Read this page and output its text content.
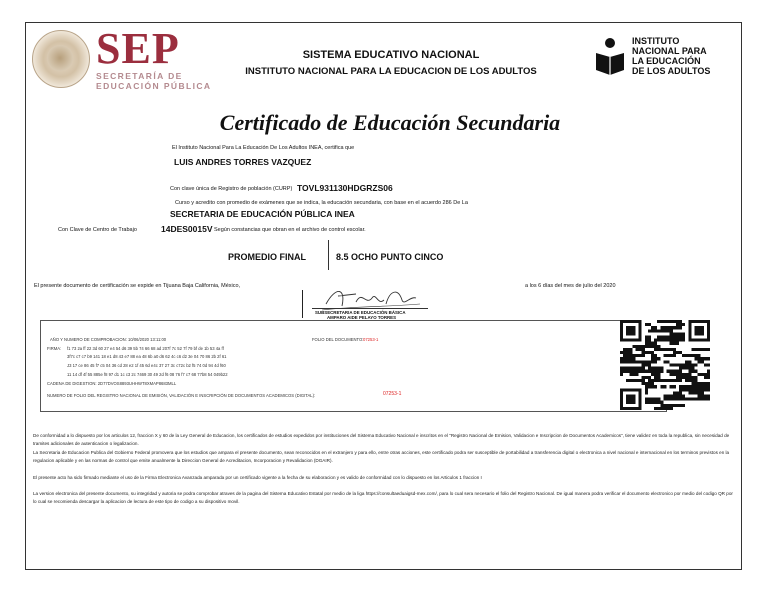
SEP
SECRETARÍA DE
EDUCACIÓN PÚBLICA
SISTEMA EDUCATIVO NACIONAL
INSTITUTO NACIONAL PARA LA EDUCACION DE LOS ADULTOS
INSTITUTO
NACIONAL PARA
LA EDUCACIÓN
DE LOS ADULTOS
Certificado de Educación Secundaria
El Instituto Nacional Para La Educación De Los Adultos INEA, certifica que
LUIS ANDRES TORRES VAZQUEZ
Con clave única de Registro de población (CURP) TOVL931130HDGRZS06
Curso y acredito con promedio de exámenes que se indica, la educación secundaria, con base en el acuerdo 286 De La
SECRETARIA DE EDUCACIÓN PÚBLICA INEA
Con Clave de Centro de Trabajo	14DES0015V Según constancias que obran en el archivo de control escolar.
PROMEDIO FINAL	8.5 OCHO PUNTO CINCO
El presente documento de certificación se expide en Tijuana Baja California, México,	a los 6 días del mes de julio del 2020
SUBSECRETARIA DE EDUCACIÓN BÁSICA
AMPARO AIDE PELAYO TORRES
AÑO Y NUMERO DE COMPROBACION: 10/06/2020 13:11:00	FOLIO DEL DOCUMENTO: 07253-1
FIRMA: f1 73 2a ff 22 3d 60 27 e4 54 d6 39 5b 74 66 68 ad 207f 7c 52 7f 79 bf de 1b 53 4a ff
3f7c c7 c7 b9 141 18 e1 d8 43 e7 88 ea 48 6b a0 d6 62 4c c6 d2 3e 04 70 86 2b 2f 61
J3 17 ce 86 45 f7 c5 04 36 cd 28 e2 1f 45 6d e4c 37 27 3c c72c b2 f5 74 0d 94 4d f60
11 14 df 4f 55 885e f8 97 d1 1c c3 2c 7469 30 49 2d f6 08 76 f7 c7 68 77b8 54 049b22
CADENA DE DIGESTION: 2D77DVOS8893UHHWT8XMAP8683MLL
NUMERO DE FOLIO DEL REGISTRO NACIONAL DE EMISIÓN, VALIDACIÓN E INSCRIPCIÓN DE DOCUMENTOS ACADEMICOS (DIGITAL):	07253-1
De conformidad a lo dispuesto por los articulos 12, fraccion X y 60 de la Ley General de Educacion, los certificados de estudios expedidos por instituciones del Sistema Educativo Nacional e inscritos en el "Registro Nacional de Emision, Validacion e Inscripcion de Documentos Academicos", tiene validez en toda la republica, sin necesidad de tramites adicionales de autenticacion o legalizacion.
La Secretaria de Educacion Publica del Gobierno Federal promovera que los estudios que ampara el presente documento, sean reconocidos en el extranjero y para ello, entre otras acciones, este certificado podra ser susceptible de portabilidad a transferencia digital o electronica a nivel nacional e internacional en los terminos previstos en la regulacion aplicable y en las normas de control que emite anualmente la Direccion General de Acreditacion, Incorporacion y Revalidacion (DGAIR).
El presente acto ha sido firmado mediante el uso de la Firma Electronica Avanzada amparada por un certificado vigente a la fecha de su elaboracion y es valido de conformidad con lo dispuesto en los Articulos 1 fraccion I
La version electronica del presente documento, su integridad y autoria se podra comprobar atraves de la pagina del Sistema Educativo Estatal por medio de la liga https://consultaeduaigsd-mex.com/, para lo cual sera necesario el folio del Registro Nacional. De igual manera podra verificar el documento electronico por medio del codigo QR por lo cual se recomienda descargar la aplicacion de lectura de este tipo de codigo a su dispositivo movil.
